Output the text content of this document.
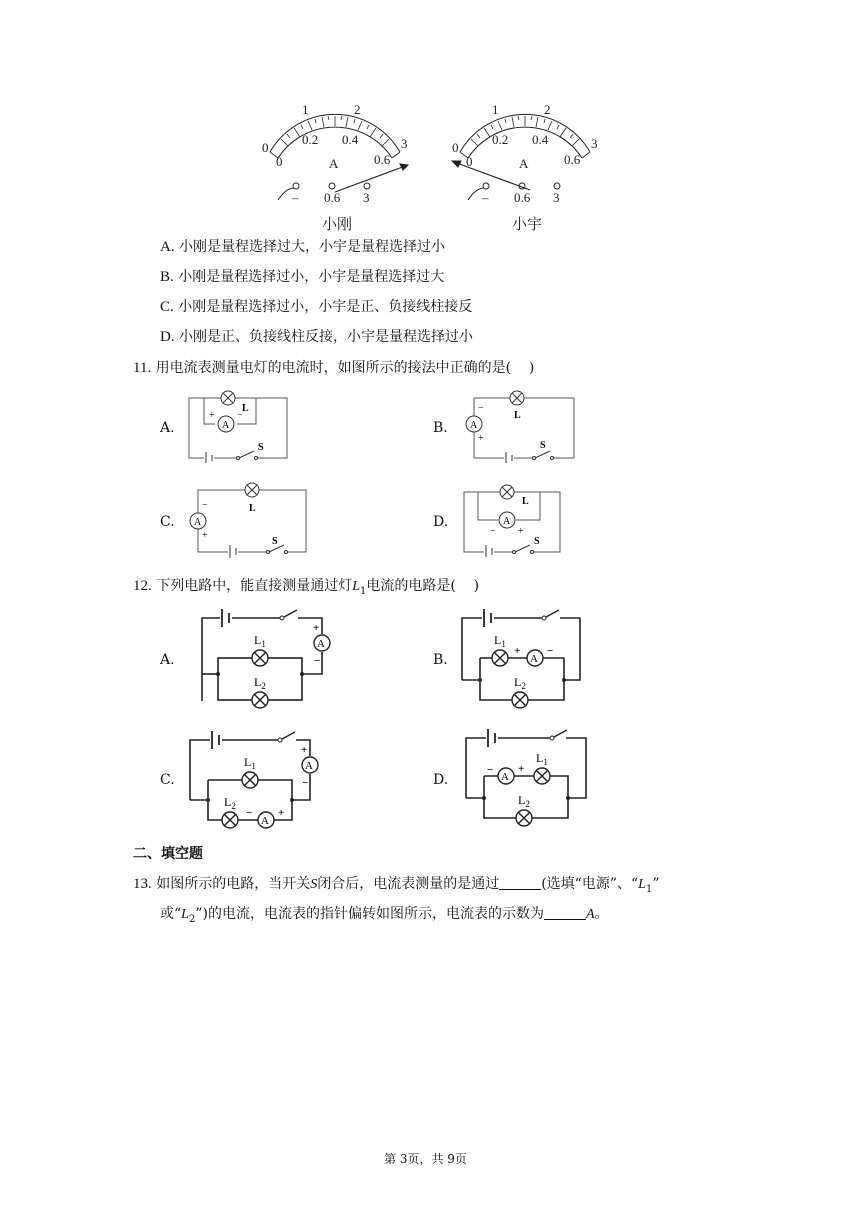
1	2
0	3
0
0.2 0.4
0.6
A
– 0.6 3
小刚
1	2
0	3
0
0.2 0.4
0.6
A
– 0.6 3
小宇
A. 小刚是量程选择过大，小宇是量程选择过小
B. 小刚是量程选择过小，小宇是量程选择过大
C. 小刚是量程选择过小，小宇是正、负接线柱接反
D. 小刚是正、负接线柱反接，小宇是量程选择过小
11. 用电流表测量电灯的电流时，如图所示的接法中正确的是(    )
A.	B.
C.	D.
A
L
+ −
S
A
L
−
+
S
A
L
−
+
S
A
L
− +
S
12. 下列电路中，能直接测量通过灯$L_1$电流的电路是(    )
A.	B.
C.	D.
A
+
−
$L_1$
$L_2$
$L_1$
A
+ −
$L_2$
A
+
−
$L_1$
$L_2$
A
− +
A
− +
$L_1$
$L_2$
二、填空题
13. 如图所示的电路，当开关S闭合后，电流表测量的是通过	(选填“电源”、“$L_1$”
或“$L_2$”)的电流，电流表的指针偏转如图所示，电流表的示数为	A。
第 3页，共 9页
